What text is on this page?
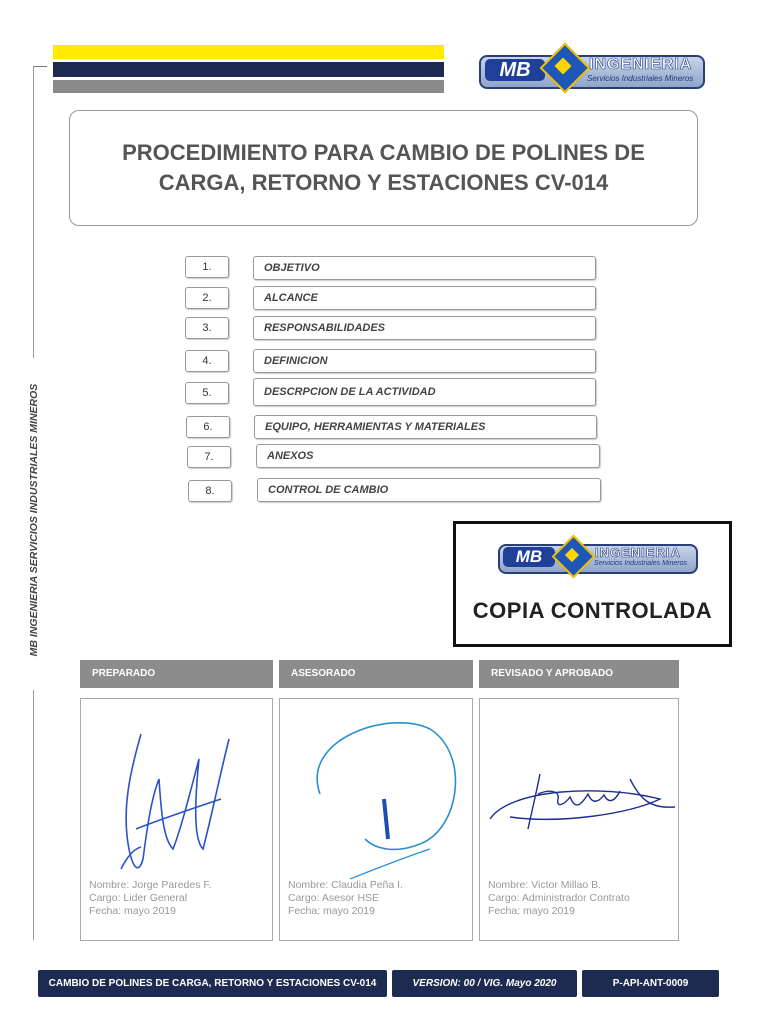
MB	INGENIERIA
Servicios Industriales Mineros
MB INGENIERIA SERVICIOS INDUSTRIALES MINEROS
PROCEDIMIENTO PARA CAMBIO DE POLINES DE
CARGA, RETORNO Y ESTACIONES CV-014
1.	OBJETIVO
2.	ALCANCE
3.	RESPONSABILIDADES
4.	DEFINICION
5.	DESCRPCION DE LA ACTIVIDAD
6.	EQUIPO, HERRAMIENTAS Y MATERIALES
7.	ANEXOS
8.	CONTROL DE CAMBIO
MB	INGENIERIA
Servicios Industriales Mineros
COPIA CONTROLADA
PREPARADO	ASESORADO	REVISADO Y APROBADO
Nombre: Jorge Paredes F.
Cargo: Lider General
Fecha: mayo 2019
Nombre: Claudia Peña I.
Cargo: Asesor HSE
Fecha: mayo 2019
Nombre: Victor Millao B.
Cargo: Administrador Contrato
Fecha: mayo 2019
CAMBIO DE POLINES DE CARGA, RETORNO Y ESTACIONES CV-014	VERSION: 00 / VIG. Mayo 2020	P-API-ANT-0009
